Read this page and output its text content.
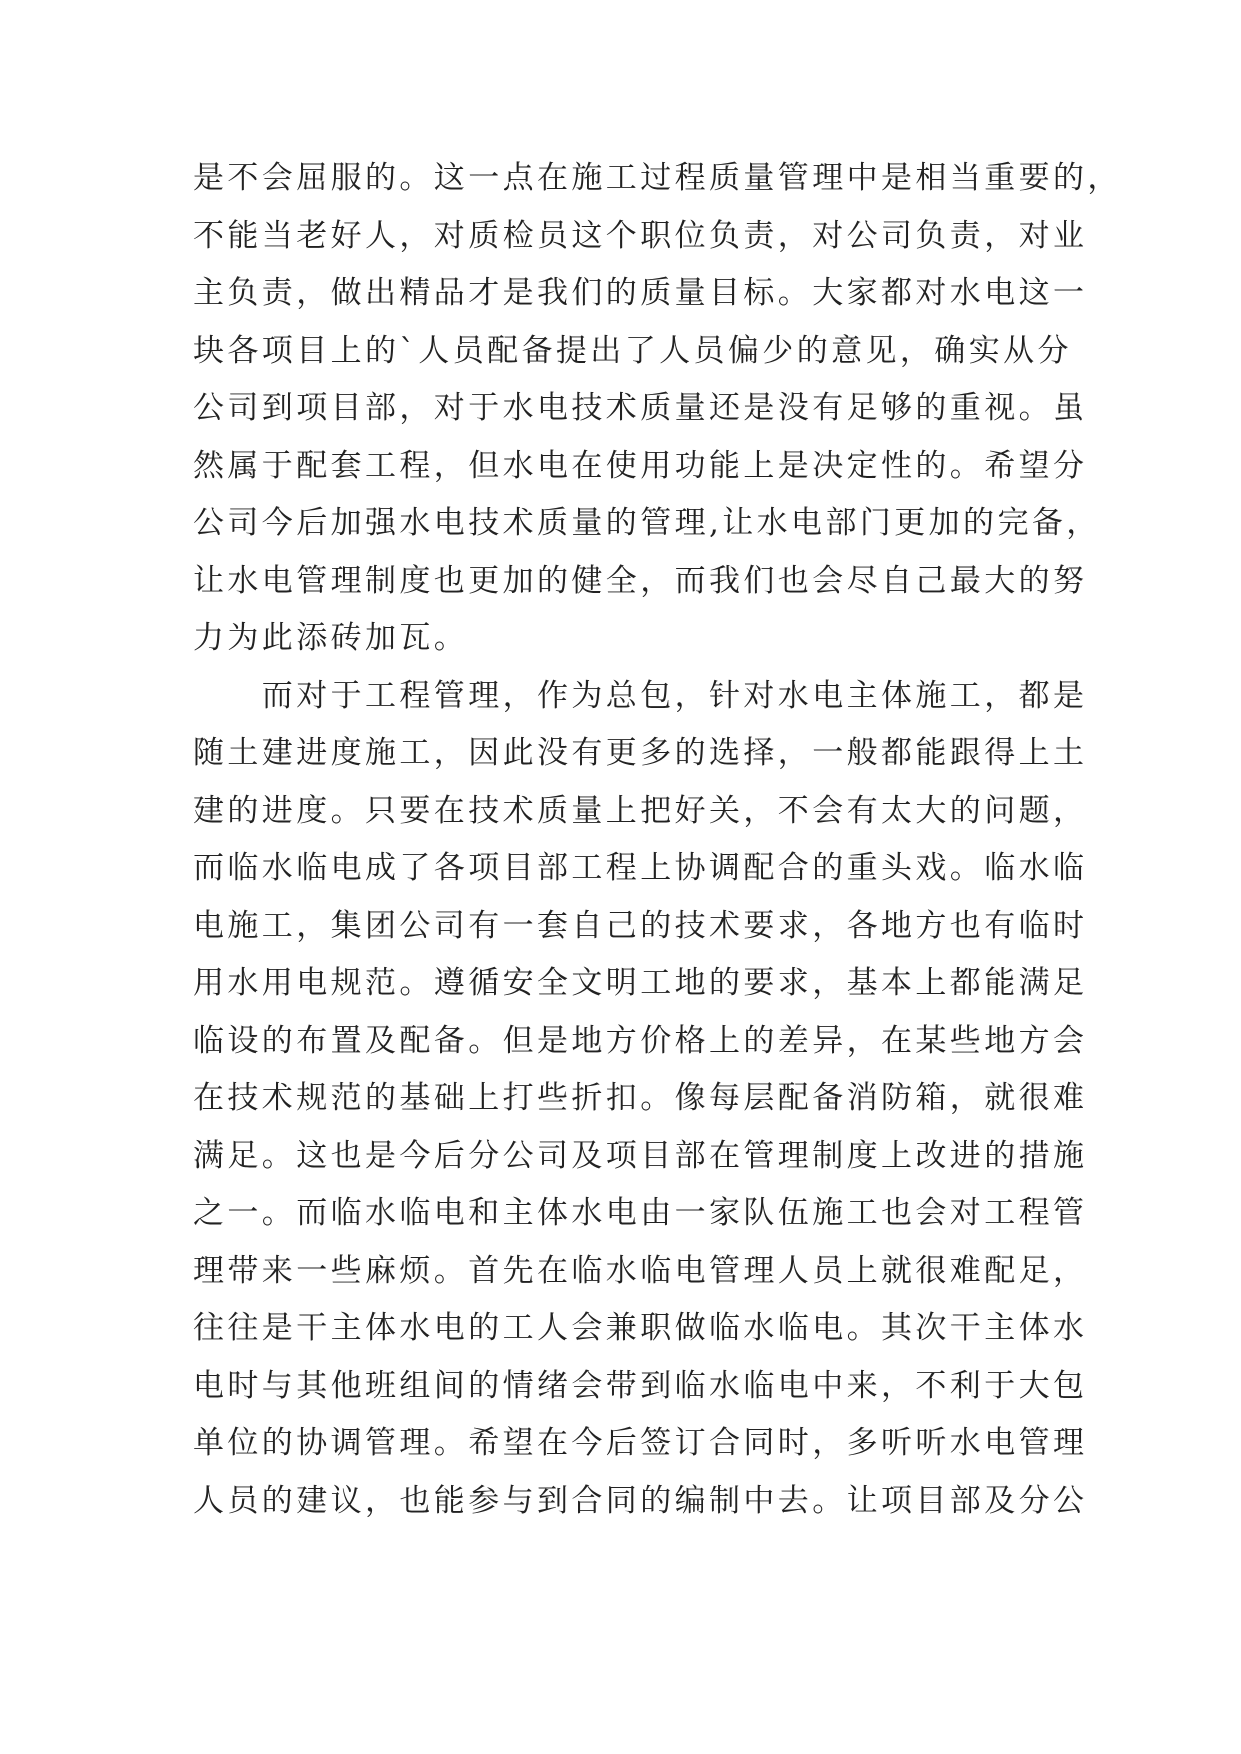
是不会屈服的。这一点在施工过程质量管理中是相当重要的，
不能当老好人，对质检员这个职位负责，对公司负责，对业
主负责，做出精品才是我们的质量目标。大家都对水电这一
块各项目上的`人员配备提出了人员偏少的意见，确实从分
公司到项目部，对于水电技术质量还是没有足够的重视。虽
然属于配套工程，但水电在使用功能上是决定性的。希望分
公司今后加强水电技术质量的管理,让水电部门更加的完备，
让水电管理制度也更加的健全，而我们也会尽自己最大的努
力为此添砖加瓦。
　　而对于工程管理，作为总包，针对水电主体施工，都是
随土建进度施工，因此没有更多的选择，一般都能跟得上土
建的进度。只要在技术质量上把好关，不会有太大的问题，
而临水临电成了各项目部工程上协调配合的重头戏。临水临
电施工，集团公司有一套自己的技术要求，各地方也有临时
用水用电规范。遵循安全文明工地的要求，基本上都能满足
临设的布置及配备。但是地方价格上的差异，在某些地方会
在技术规范的基础上打些折扣。像每层配备消防箱，就很难
满足。这也是今后分公司及项目部在管理制度上改进的措施
之一。而临水临电和主体水电由一家队伍施工也会对工程管
理带来一些麻烦。首先在临水临电管理人员上就很难配足，
往往是干主体水电的工人会兼职做临水临电。其次干主体水
电时与其他班组间的情绪会带到临水临电中来，不利于大包
单位的协调管理。希望在今后签订合同时，多听听水电管理
人员的建议，也能参与到合同的编制中去。让项目部及分公
